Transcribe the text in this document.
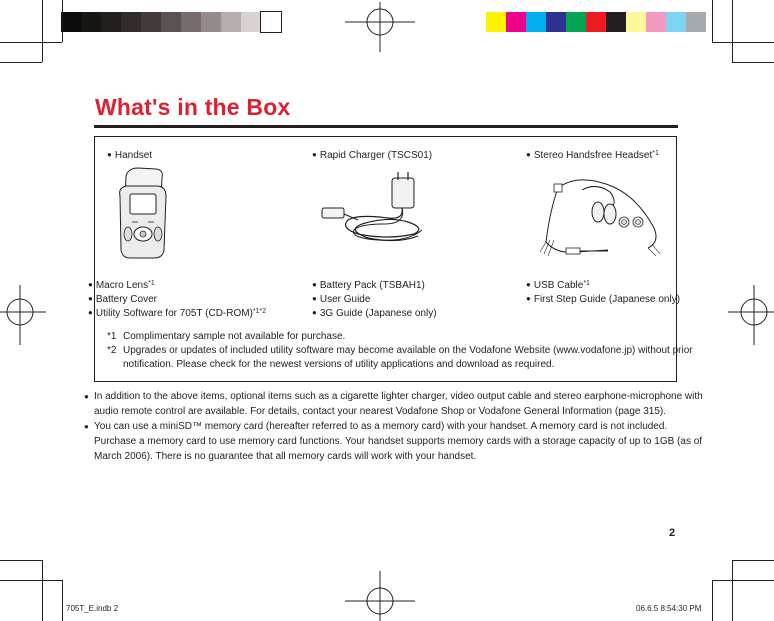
What's in the Box
● Handset	● Rapid Charger (TSCS01)	● Stereo Handsfree Headset$^{*1}$
● Macro Lens$^{*1}$
● Battery Cover
● Utility Software for 705T $(CD-ROM)^{*1*2}$
● Battery Pack (TSBAH1)
● User Guide
● 3G Guide (Japanese only)
● USB Cable$^{*1}$
● First Step Guide (Japanese only)
*1 Complimentary sample not available for purchase.
*2 Upgrades or updates of included utility software may become available on the Vodafone Website (www.vodafone.jp) without prior
notification. Please check for the newest versions of utility applications and download as required.
● In addition to the above items, optional items such as a cigarette lighter charger, video output cable and stereo earphone-microphone with
audio remote control are available. For details, contact your nearest Vodafone Shop or Vodafone General Information (page 315).
● You can use a miniSD™ memory card (hereafter referred to as a memory card) with your handset. A memory card is not included.
Purchase a memory card to use memory card functions. Your handset supports memory cards with a storage capacity of up to 1GB (as of
March 2006). There is no guarantee that all memory cards will work with your handset.
2
705T_E.indb 2	06.6.5 8:54:30 PM
